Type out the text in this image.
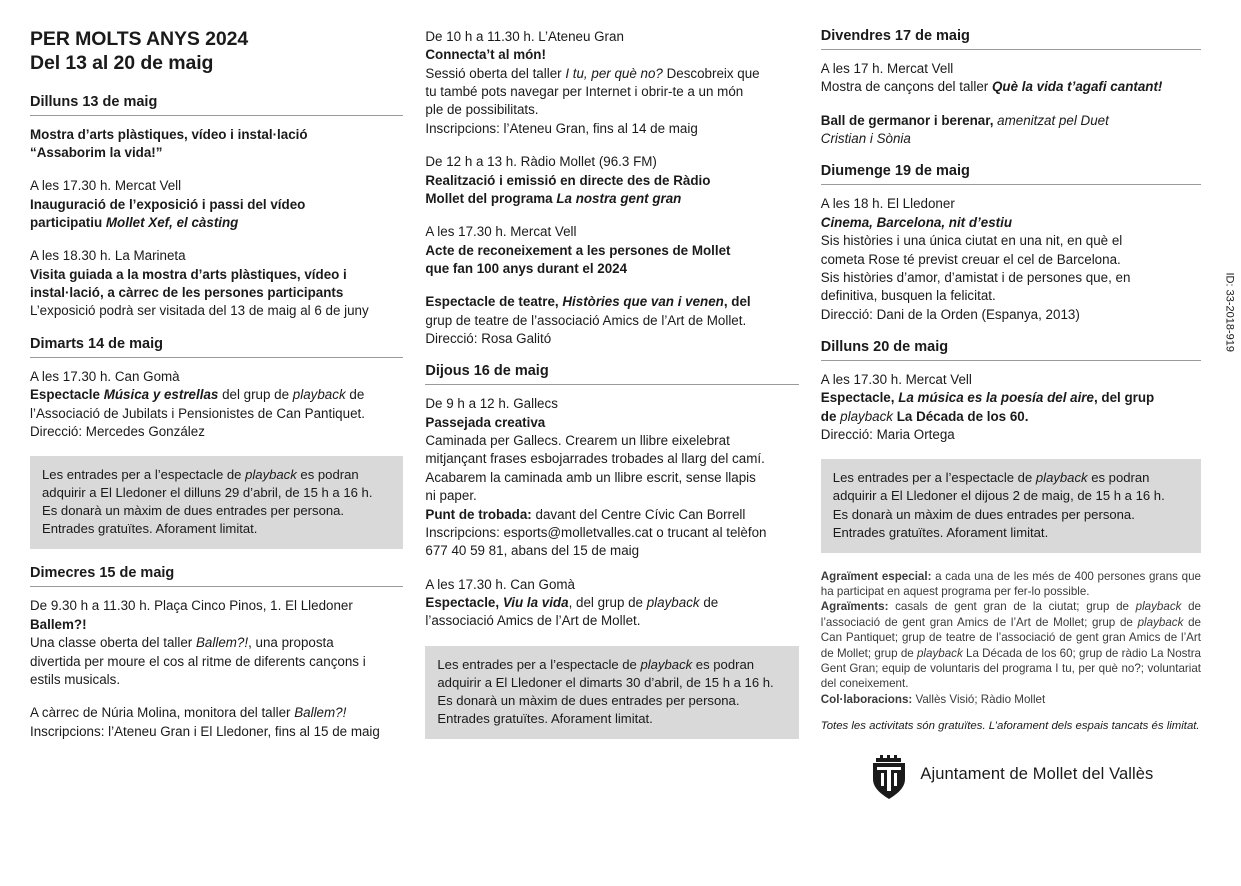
PER MOLTS ANYS 2024
Del 13 al 20 de maig
Dilluns 13 de maig
Mostra d’arts plàstiques, vídeo i instal·lació
“Assaborim la vida!”
A les 17.30 h. Mercat Vell
Inauguració de l’exposició i passi del vídeo
participatiu Mollet Xef, el càsting
A les 18.30 h. La Marineta
Visita guiada a la mostra d’arts plàstiques, vídeo i
instal·lació, a càrrec de les persones participants
L’exposició podrà ser visitada del 13 de maig al 6 de juny
Dimarts 14 de maig
A les 17.30 h. Can Gomà
Espectacle Música y estrellas del grup de playback de
l’Associació de Jubilats i Pensionistes de Can Pantiquet.
Direcció: Mercedes González
Les entrades per a l’espectacle de playback es podran
adquirir a El Lledoner el dilluns 29 d’abril, de 15 h a 16 h.
Es donarà un màxim de dues entrades per persona.
Entrades gratuïtes. Aforament limitat.
Dimecres 15 de maig
De 9.30 h a 11.30 h. Plaça Cinco Pinos, 1. El Lledoner
Ballem?!
Una classe oberta del taller Ballem?!, una proposta
divertida per moure el cos al ritme de diferents cançons i
estils musicals.
A càrrec de Núria Molina, monitora del taller Ballem?!
Inscripcions: l’Ateneu Gran i El Lledoner, fins al 15 de maig
De 10 h a 11.30 h. L’Ateneu Gran
Connecta’t al món!
Sessió oberta del taller I tu, per què no? Descobreix que
tu també pots navegar per Internet i obrir-te a un món
ple de possibilitats.
Inscripcions: l’Ateneu Gran, fins al 14 de maig
De 12 h a 13 h. Ràdio Mollet (96.3 FM)
Realització i emissió en directe des de Ràdio
Mollet del programa La nostra gent gran
A les 17.30 h. Mercat Vell
Acte de reconeixement a les persones de Mollet
que fan 100 anys durant el 2024
Espectacle de teatre, Històries que van i venen, del
grup de teatre de l’associació Amics de l’Art de Mollet.
Direcció: Rosa Galitó
Dijous 16 de maig
De 9 h a 12 h. Gallecs
Passejada creativa
Caminada per Gallecs. Crearem un llibre eixelebrat
mitjançant frases esbojarrades trobades al llarg del camí.
Acabarem la caminada amb un llibre escrit, sense llapis
ni paper.
Punt de trobada: davant del Centre Cívic Can Borrell
Inscripcions: esports@molletvalles.cat o trucant al telèfon
677 40 59 81, abans del 15 de maig
A les 17.30 h. Can Gomà
Espectacle, Viu la vida, del grup de playback de
l’associació Amics de l’Art de Mollet.
Les entrades per a l’espectacle de playback es podran
adquirir a El Lledoner el dimarts 30 d’abril, de 15 h a 16 h.
Es donarà un màxim de dues entrades per persona.
Entrades gratuïtes. Aforament limitat.
Divendres 17 de maig
A les 17 h. Mercat Vell
Mostra de cançons del taller Què la vida t’agafi cantant!
Ball de germanor i berenar, amenitzat pel Duet
Cristian i Sònia
Diumenge 19 de maig
A les 18 h. El Lledoner
Cinema, Barcelona, nit d’estiu
Sis històries i una única ciutat en una nit, en què el
cometa Rose té previst creuar el cel de Barcelona.
Sis històries d’amor, d’amistat i de persones que, en
definitiva, busquen la felicitat.
Direcció: Dani de la Orden (Espanya, 2013)
Dilluns 20 de maig
A les 17.30 h. Mercat Vell
Espectacle, La música es la poesía del aire, del grup
de playback La Década de los 60.
Direcció: Maria Ortega
Les entrades per a l’espectacle de playback es podran
adquirir a El Lledoner el dijous 2 de maig, de 15 h a 16 h.
Es donarà un màxim de dues entrades per persona.
Entrades gratuïtes. Aforament limitat.
Agraïment especial: a cada una de les més de 400 persones grans que ha participat en aquest programa per fer-lo possible.
Agraïments: casals de gent gran de la ciutat; grup de playback de l’associació de gent gran Amics de l’Art de Mollet; grup de playback de Can Pantiquet; grup de teatre de l’associació de gent gran Amics de l’Art de Mollet; grup de playback La Década de los 60; grup de ràdio La Nostra Gent Gran; equip de voluntaris del programa I tu, per què no?; voluntariat del coneixement.
Col·laboracions: Vallès Visió; Ràdio Mollet
Totes les activitats són gratuïtes. L’aforament dels espais tancats és limitat.
Ajuntament de Mollet del Vallès
ID: 33-2018-919
